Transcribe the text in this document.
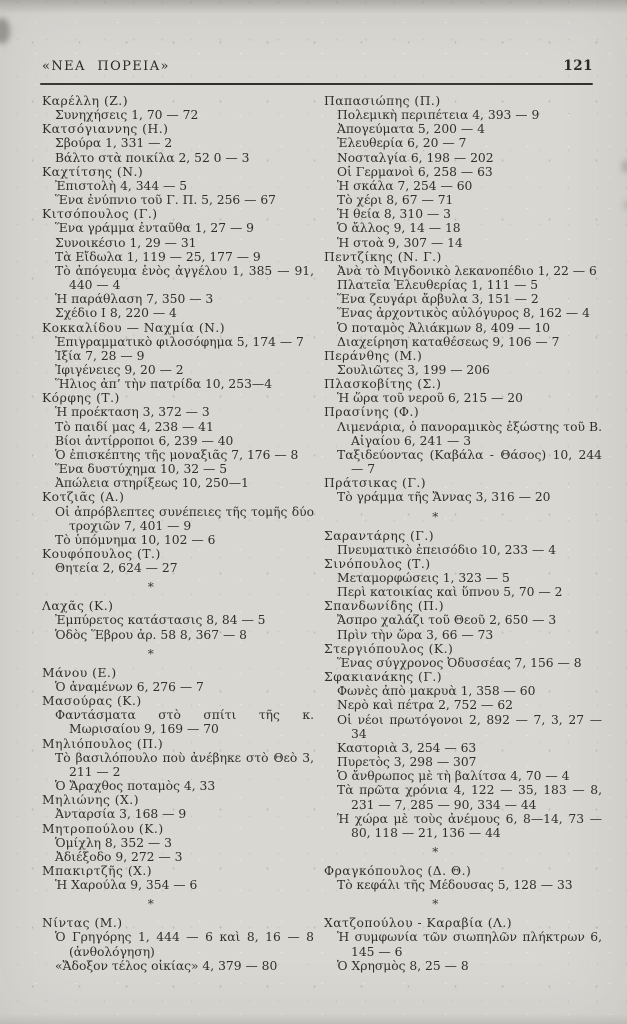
«ΝΕΑ ΠΟΡΕΙΑ»	121
Καρέλλη (Ζ.)
Συνηχήσεις 1, 70 — 72
Κατσόγιαννης (Η.)
Σβούρα 1, 331 — 2
Βάλτο στὰ ποικίλα 2, 52 0 — 3
Καχτίτσης (Ν.)
Ἐπιστολὴ 4, 344 — 5
Ἕνα ἐνύπνιο τοῦ Γ. Π. 5, 256 — 67
Κιτσόπουλος (Γ.)
Ἕνα γράμμα ἐνταῦθα 1, 27 — 9
Συνοικέσιο 1, 29 — 31
Τὰ Εἴδωλα 1, 119 — 25, 177 — 9
Τὸ ἀπόγευμα ἑνὸς ἀγγέλου 1, 385 — 91, 440 — 4
Ἡ παράθλαση 7, 350 — 3
Σχέδιο Ι 8, 220 — 4
Κοκκαλίδου — Ναχμία (Ν.)
Ἐπιγραμματικὸ φιλοσόφημα 5, 174 — 7
Ἰξία 7, 28 — 9
Ἰφιγένειες 9, 20 — 2
Ἥλιος ἀπ’ τὴν πατρίδα 10, 253—4
Κόρφης (Τ.)
Ἡ προέκταση 3, 372 — 3
Τὸ παιδί μας 4, 238 — 41
Βίοι ἀντίρροποι 6, 239 — 40
Ὁ ἐπισκέπτης τῆς μοναξιᾶς 7, 176 — 8
Ἕνα δυστύχημα 10, 32 — 5
Ἀπώλεια στηρίξεως 10, 250—1
Κοτζιᾶς (Α.)
Οἱ ἀπρόβλεπτες συνέπειες τῆς τομῆς δύο τροχιῶν 7, 401 — 9
Τὸ ὑπόμνημα 10, 102 — 6
Κουφόπουλος (Τ.)
Θητεία 2, 624 — 27
*
Λαχᾶς (Κ.)
Ἐμπύρετος κατάστασις 8, 84 — 5
Ὁδὸς Ἕβρου ἀρ. 58 8, 367 — 8
*
Μάνου (Ε.)
Ὁ ἀναμένων 6, 276 — 7
Μασούρας (Κ.)
Φαντάσματα στὸ σπίτι τῆς κ. Μωρισαίου 9, 169 — 70
Μηλιόπουλος (Π.)
Τὸ βασιλόπουλο ποὺ ἀνέβηκε στὸ Θεὸ 3, 211 — 2
Ὁ Ἄραχθος ποταμὸς 4, 33
Μηλιώνης (Χ.)
Ἀνταρσία 3, 168 — 9
Μητροπούλου (Κ.)
Ὁμίχλη 8, 352 — 3
Ἀδιέξοδο 9, 272 — 3
Μπακιρτζῆς (Χ.)
Ἡ Χαρούλα 9, 354 — 6
*
Νίντας (Μ.)
Ὁ Γρηγόρης 1, 444 — 6 καὶ 8, 16 — 8 (ἀνθολόγηση)
«Ἄδοξον τέλος οἰκίας» 4, 379 — 80
Παπασιώπης (Π.)
Πολεμικὴ περιπέτεια 4, 393 — 9
Ἀπογεύματα 5, 200 — 4
Ἐλευθερία 6, 20 — 7
Νοσταλγία 6, 198 — 202
Οἱ Γερμανοὶ 6, 258 — 63
Ἡ σκάλα 7, 254 — 60
Τὸ χέρι 8, 67 — 71
Ἡ θεία 8, 310 — 3
Ὁ ἄλλος 9, 14 — 18
Ἡ στοὰ 9, 307 — 14
Πεντζίκης (Ν. Γ.)
Ἀνὰ τὸ Μιγδονικὸ λεκανοπέδιο 1, 22 — 6
Πλατεῖα Ἐλευθερίας 1, 111 — 5
Ἕνα ζευγάρι ἄρβυλα 3, 151 — 2
Ἕνας ἀρχοντικὸς αὐλόγυρος 8, 162 — 4
Ὁ ποταμὸς Ἀλιάκμων 8, 409 — 10
Διαχείρηση καταθέσεως 9, 106 — 7
Περάνθης (Μ.)
Σουλιῶτες 3, 199 — 206
Πλασκοβίτης (Σ.)
Ἡ ὥρα τοῦ νεροῦ 6, 215 — 20
Πρασίνης (Φ.)
Λιμενάρια, ὁ πανοραμικὸς ἐξώστης τοῦ Β. Αἰγαίου 6, 241 — 3
Ταξιδεύοντας (Καβάλα - Θάσος) 10, 244 — 7
Πράτσικας (Γ.)
Τὸ γράμμα τῆς Ἄννας 3, 316 — 20
*
Σαραντάρης (Γ.)
Πνευματικὸ ἐπεισόδιο 10, 233 — 4
Σινόπουλος (Τ.)
Μεταμορφώσεις 1, 323 — 5
Περὶ κατοικίας καὶ ὕπνου 5, 70 — 2
Σπανδωνίδης (Π.)
Ἄσπρο χαλάζι τοῦ Θεοῦ 2, 650 — 3
Πρὶν τὴν ὥρα 3, 66 — 73
Στεργιόπουλος (Κ.)
Ἕνας σύγχρονος Ὀδυσσέας 7, 156 — 8
Σφακιανάκης (Γ.)
Φωνὲς ἀπὸ μακρυὰ 1, 358 — 60
Νερὸ καὶ πέτρα 2, 752 — 62
Οἱ νέοι πρωτόγονοι 2, 892 — 7, 3, 27 — 34
Καστοριὰ 3, 254 — 63
Πυρετὸς 3, 298 — 307
Ὁ ἄνθρωπος μὲ τὴ βαλίτσα 4, 70 — 4
Τὰ πρῶτα χρόνια 4, 122 — 35, 183 — 8, 231 — 7, 285 — 90, 334 — 44
Ἡ χώρα μὲ τοὺς ἀνέμους 6, 8—14, 73 — 80, 118 — 21, 136 — 44
*
Φραγκόπουλος (Δ. Θ.)
Τὸ κεφάλι τῆς Μέδουσας 5, 128 — 33
*
Χατζοπούλου - Καραβία (Λ.)
Ἡ συμφωνία τῶν σιωπηλῶν πλήκτρων 6, 145 — 6
Ὁ Χρησμὸς 8, 25 — 8
